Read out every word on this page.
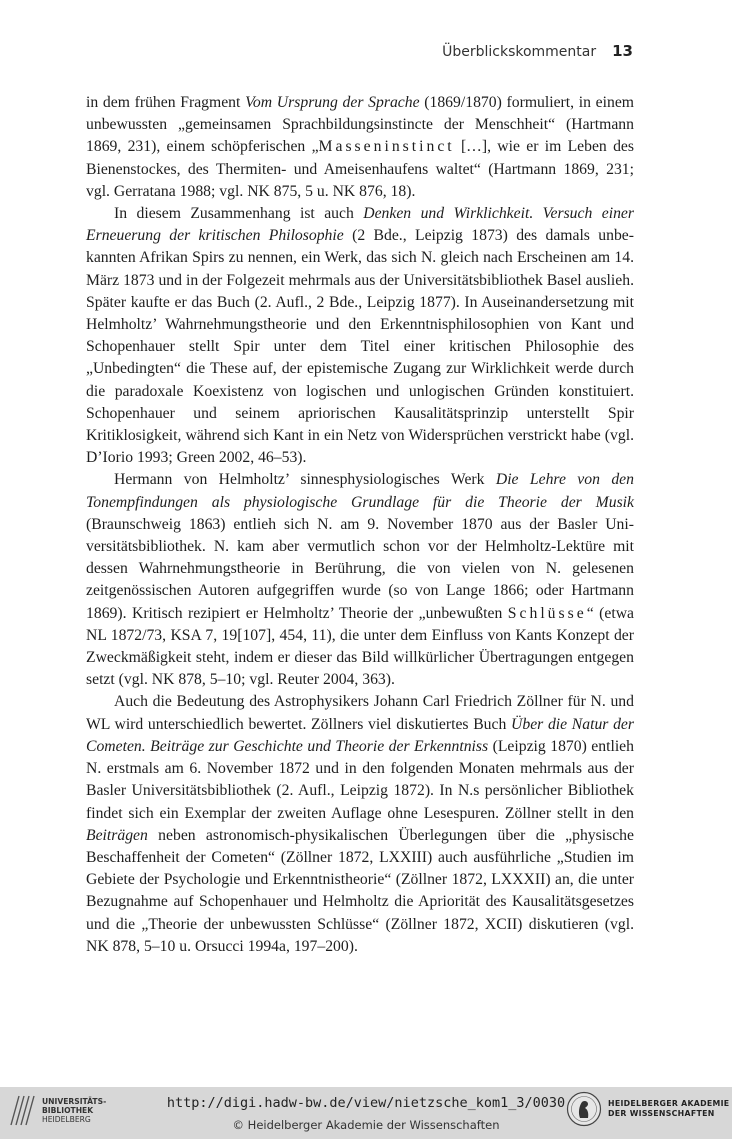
Überblickskommentar 13

in dem frühen Fragment Vom Ursprung der Sprache (1869/1870) formuliert, in einem unbewussten „gemeinsamen Sprachbildungsinstincte der Menschheit“ (Hartmann 1869, 231), einem schöpferischen „Masseninstinct […], wie er im Leben des Bienenstockes, des Thermiten- und Ameisenhaufens waltet“ (Hartmann 1869, 231; vgl. Gerratana 1988; vgl. NK 875, 5 u. NK 876, 18).

In diesem Zusammenhang ist auch Denken und Wirklichkeit. Versuch einer Erneuerung der kritischen Philosophie (2 Bde., Leipzig 1873) des damals unbekannten Afrikan Spirs zu nennen, ein Werk, das sich N. gleich nach Erscheinen am 14. März 1873 und in der Folgezeit mehrmals aus der Universitätsbibliothek Basel auslieh. Später kaufte er das Buch (2. Aufl., 2 Bde., Leipzig 1877). In Auseinandersetzung mit Helmholtz’ Wahrnehmungstheorie und den Erkenntnisphilosophien von Kant und Schopenhauer stellt Spir unter dem Titel einer kritischen Philosophie des „Unbedingten“ die These auf, der epistemische Zugang zur Wirklichkeit werde durch die paradoxale Koexistenz von logischen und unlogischen Gründen konstituiert. Schopenhauer und seinem apriorischen Kausalitätsprinzip unterstellt Spir Kritiklosigkeit, während sich Kant in ein Netz von Widersprüchen verstrickt habe (vgl. D’Iorio 1993; Green 2002, 46–53).

Hermann von Helmholtz’ sinnesphysiologisches Werk Die Lehre von den Tonempfindungen als physiologische Grundlage für die Theorie der Musik (Braunschweig 1863) entlieh sich N. am 9. November 1870 aus der Basler Universitätsbibliothek. N. kam aber vermutlich schon vor der Helmholtz-Lektüre mit dessen Wahrnehmungstheorie in Berührung, die von vielen von N. gelesenen zeitgenössischen Autoren aufgegriffen wurde (so von Lange 1866; oder Hartmann 1869). Kritisch rezipiert er Helmholtz’ Theorie der „unbewußten Schlüsse“ (etwa NL 1872/73, KSA 7, 19[107], 454, 11), die unter dem Einfluss von Kants Konzept der Zweckmäßigkeit steht, indem er dieser das Bild willkürlicher Übertragungen entgegen setzt (vgl. NK 878, 5–10; vgl. Reuter 2004, 363).

Auch die Bedeutung des Astrophysikers Johann Carl Friedrich Zöllner für N. und WL wird unterschiedlich bewertet. Zöllners viel diskutiertes Buch Über die Natur der Cometen. Beiträge zur Geschichte und Theorie der Erkenntniss (Leipzig 1870) entlieh N. erstmals am 6. November 1872 und in den folgenden Monaten mehrmals aus der Basler Universitätsbibliothek (2. Aufl., Leipzig 1872). In N.s persönlicher Bibliothek findet sich ein Exemplar der zweiten Auflage ohne Lesespuren. Zöllner stellt in den Beiträgen neben astronomisch-physikalischen Überlegungen über die „physische Beschaffenheit der Cometen“ (Zöllner 1872, LXXIII) auch ausführliche „Studien im Gebiete der Psychologie und Erkenntnistheorie“ (Zöllner 1872, LXXXII) an, die unter Bezugnahme auf Schopenhauer und Helmholtz die Apriorität des Kausalitätsgesetzes und die „Theorie der unbewussten Schlüsse“ (Zöllner 1872, XCII) diskutieren (vgl. NK 878, 5–10 u. Orsucci 1994a, 197–200).

UNIVERSITÄTS-
BIBLIOTHEK
HEIDELBERG
http://digi.hadw-bw.de/view/nietzsche_kom1_3/0030
© Heidelberger Akademie der Wissenschaften
HEIDELBERGER AKADEMIE
DER WISSENSCHAFTEN
